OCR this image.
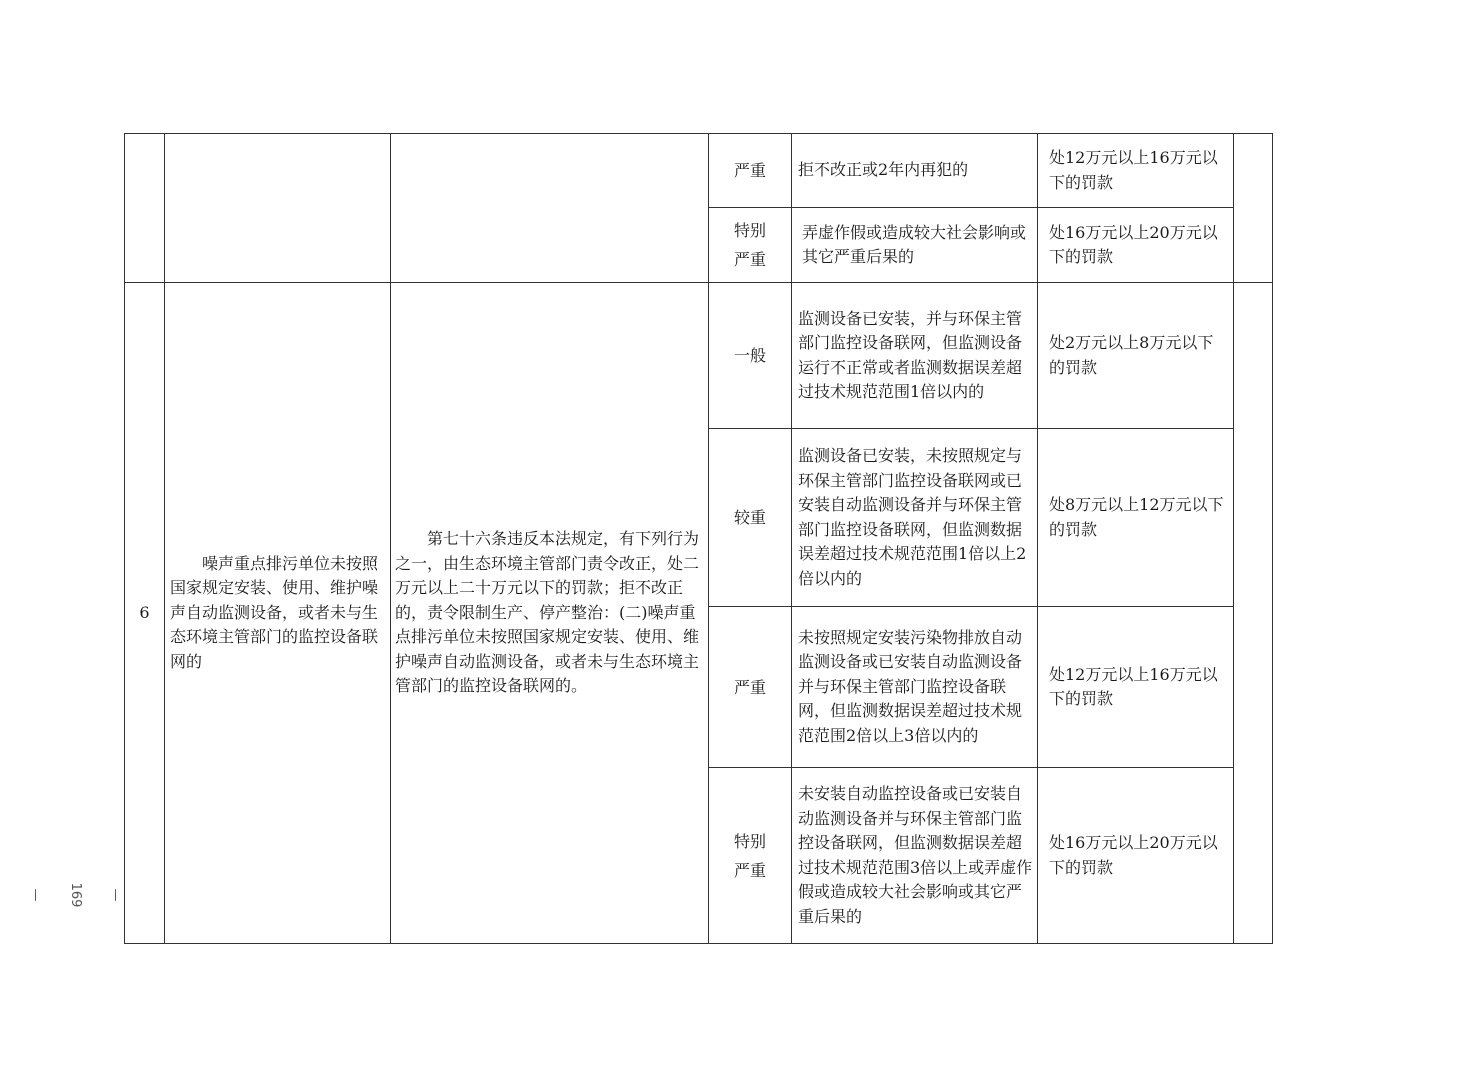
			严重	拒不改正或2年内再犯的	处12万元以上16万元以下的罚款	
			特别严重	弄虚作假或造成较大社会影响或其它严重后果的	处16万元以上20万元以下的罚款	
6	噪声重点排污单位未按照国家规定安装、使用、维护噪声自动监测设备，或者未与生态环境主管部门的监控设备联网的	第七十六条违反本法规定，有下列行为之一，由生态环境主管部门责令改正，处二万元以上二十万元以下的罚款；拒不改正的，责令限制生产、停产整治：(二)噪声重点排污单位未按照国家规定安装、使用、维护噪声自动监测设备，或者未与生态环境主管部门的监控设备联网的。	一般	监测设备已安装，并与环保主管部门监控设备联网，但监测设备运行不正常或者监测数据误差超过技术规范范围1倍以内的	处2万元以上8万元以下的罚款	
			较重	监测设备已安装，未按照规定与环保主管部门监控设备联网或已安装自动监测设备并与环保主管部门监控设备联网，但监测数据误差超过技术规范范围1倍以上2倍以内的	处8万元以上12万元以下的罚款	
			严重	未按照规定安装污染物排放自动监测设备或已安装自动监测设备并与环保主管部门监控设备联网，但监测数据误差超过技术规范范围2倍以上3倍以内的	处12万元以上16万元以下的罚款	
			特别严重	未安装自动监控设备或已安装自动监测设备并与环保主管部门监控设备联网，但监测数据误差超过技术规范范围3倍以上或弄虚作假或造成较大社会影响或其它严重后果的	处16万元以上20万元以下的罚款	
—169—
